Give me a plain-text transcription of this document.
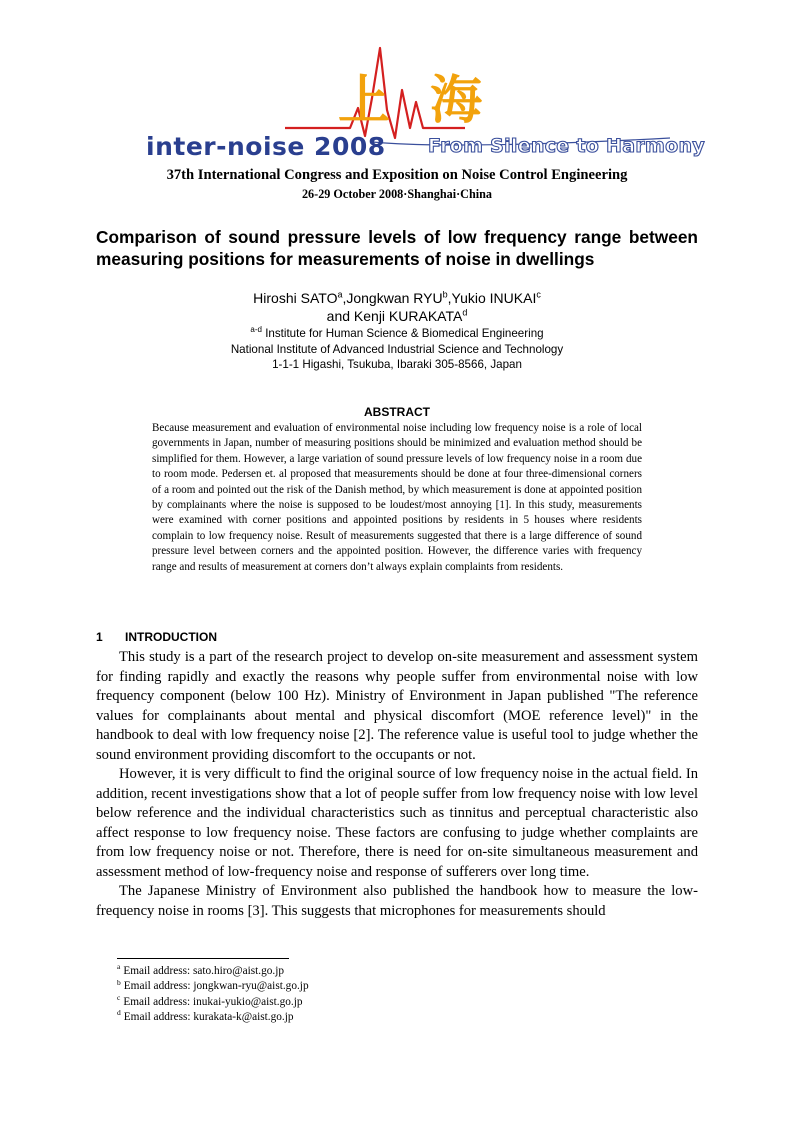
上海
inter-noise 2008 From Silence to Harmony
37th International Congress and Exposition on Noise Control Engineering
26-29 October 2008·Shanghai·China
Comparison of sound pressure levels of low frequency range between measuring positions for measurements of noise in dwellings
Hiroshi SATO$^a$,Jongkwan RYU$^b$,Yukio INUKAI$^c$
and Kenji KURAKATA$^d$
$^{a-d}$ Institute for Human Science & Biomedical Engineering
National Institute of Advanced Industrial Science and Technology
1-1-1 Higashi, Tsukuba, Ibaraki 305-8566, Japan
ABSTRACT
Because measurement and evaluation of environmental noise including low frequency noise is a role of local governments in Japan, number of measuring positions should be minimized and evaluation method should be simplified for them. However, a large variation of sound pressure levels of low frequency noise in a room due to room mode. Pedersen et. al proposed that measurements should be done at four three-dimensional corners of a room and pointed out the risk of the Danish method, by which measurement is done at appointed position by complainants where the noise is supposed to be loudest/most annoying [1]. In this study, measurements were examined with corner positions and appointed positions by residents in 5 houses where residents complain to low frequency noise. Result of measurements suggested that there is a large difference of sound pressure level between corners and the appointed position. However, the difference varies with frequency range and results of measurement at corners don’t always explain complaints from residents.
1 INTRODUCTION

This study is a part of the research project to develop on-site measurement and assessment system for finding rapidly and exactly the reasons why people suffer from environmental noise with low frequency component (below 100 Hz). Ministry of Environment in Japan published "The reference values for complainants about mental and physical discomfort (MOE reference level)" in the handbook to deal with low frequency noise [2]. The reference value is useful tool to judge whether the sound environment providing discomfort to the occupants or not.

However, it is very difficult to find the original source of low frequency noise in the actual field. In addition, recent investigations show that a lot of people suffer from low frequency noise with low level below reference and the individual characteristics such as tinnitus and perceptual characteristic also affect response to low frequency noise. These factors are confusing to judge whether complaints are from low frequency noise or not. Therefore, there is need for on-site simultaneous measurement and assessment method of low-frequency noise and response of sufferers over long time.

The Japanese Ministry of Environment also published the handbook how to measure the low-frequency noise in rooms [3]. This suggests that microphones for measurements should

$^a$ Email address: sato.hiro@aist.go.jp
$^b$ Email address: jongkwan-ryu@aist.go.jp
$^c$ Email address: inukai-yukio@aist.go.jp
$^d$ Email address: kurakata-k@aist.go.jp
